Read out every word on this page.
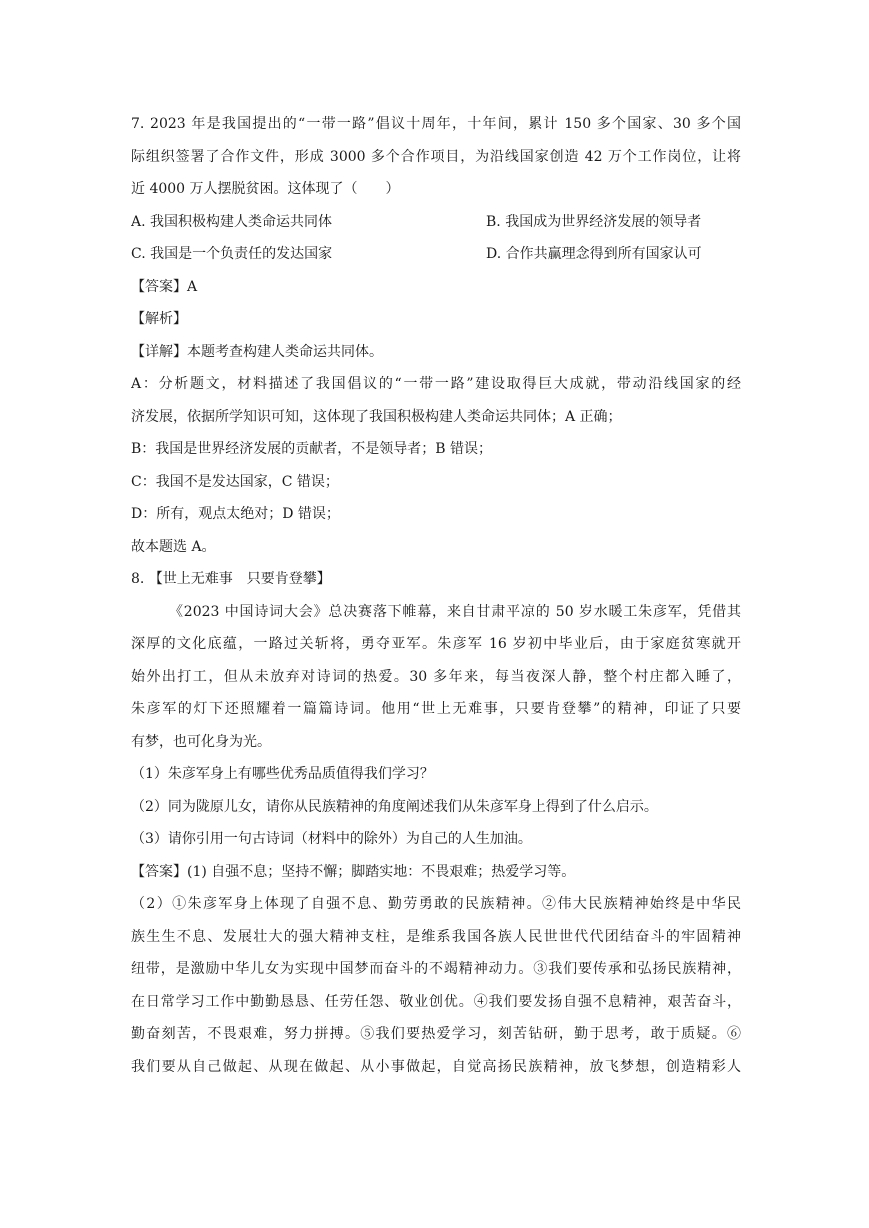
7. 2023 年是我国提出的“一带一路”倡议十周年，十年间，累计 150 多个国家、30 多个国
际组织签署了合作文件，形成 3000 多个合作项目，为沿线国家创造 42 万个工作岗位，让将
近 4000 万人摆脱贫困。这体现了（　　）
A. 我国积极构建人类命运共同体	B. 我国成为世界经济发展的领导者
C. 我国是一个负责任的发达国家	D. 合作共赢理念得到所有国家认可
【答案】A
【解析】
【详解】本题考查构建人类命运共同体。
A：分析题文，材料描述了我国倡议的“一带一路”建设取得巨大成就，带动沿线国家的经
济发展，依据所学知识可知，这体现了我国积极构建人类命运共同体；A 正确；
B：我国是世界经济发展的贡献者，不是领导者；B 错误；
C：我国不是发达国家，C 错误；
D：所有，观点太绝对；D 错误；
故本题选 A。
8. 【世上无难事　只要肯登攀】
《2023 中国诗词大会》总决赛落下帷幕，来自甘肃平凉的 50 岁水暖工朱彦军，凭借其
深厚的文化底蕴，一路过关斩将，勇夺亚军。朱彦军 16 岁初中毕业后，由于家庭贫寒就开
始外出打工，但从未放弃对诗词的热爱。30 多年来，每当夜深人静，整个村庄都入睡了，
朱彦军的灯下还照耀着一篇篇诗词。他用“世上无难事，只要肯登攀”的精神，印证了只要
有梦，也可化身为光。
（1）朱彦军身上有哪些优秀品质值得我们学习？
（2）同为陇原儿女，请你从民族精神的角度阐述我们从朱彦军身上得到了什么启示。
（3）请你引用一句古诗词（材料中的除外）为自己的人生加油。
【答案】(1) 自强不息；坚持不懈；脚踏实地：不畏艰难；热爱学习等。
（2）①朱彦军身上体现了自强不息、勤劳勇敢的民族精神。②伟大民族精神始终是中华民
族生生不息、发展壮大的强大精神支柱，是维系我国各族人民世世代代团结奋斗的牢固精神
纽带，是激励中华儿女为实现中国梦而奋斗的不竭精神动力。③我们要传承和弘扬民族精神，
在日常学习工作中勤勤恳恳、任劳任怨、敬业创优。④我们要发扬自强不息精神，艰苦奋斗，
勤奋刻苦，不畏艰难，努力拼搏。⑤我们要热爱学习，刻苦钻研，勤于思考，敢于质疑。⑥
我们要从自己做起、从现在做起、从小事做起，自觉高扬民族精神，放飞梦想，创造精彩人
